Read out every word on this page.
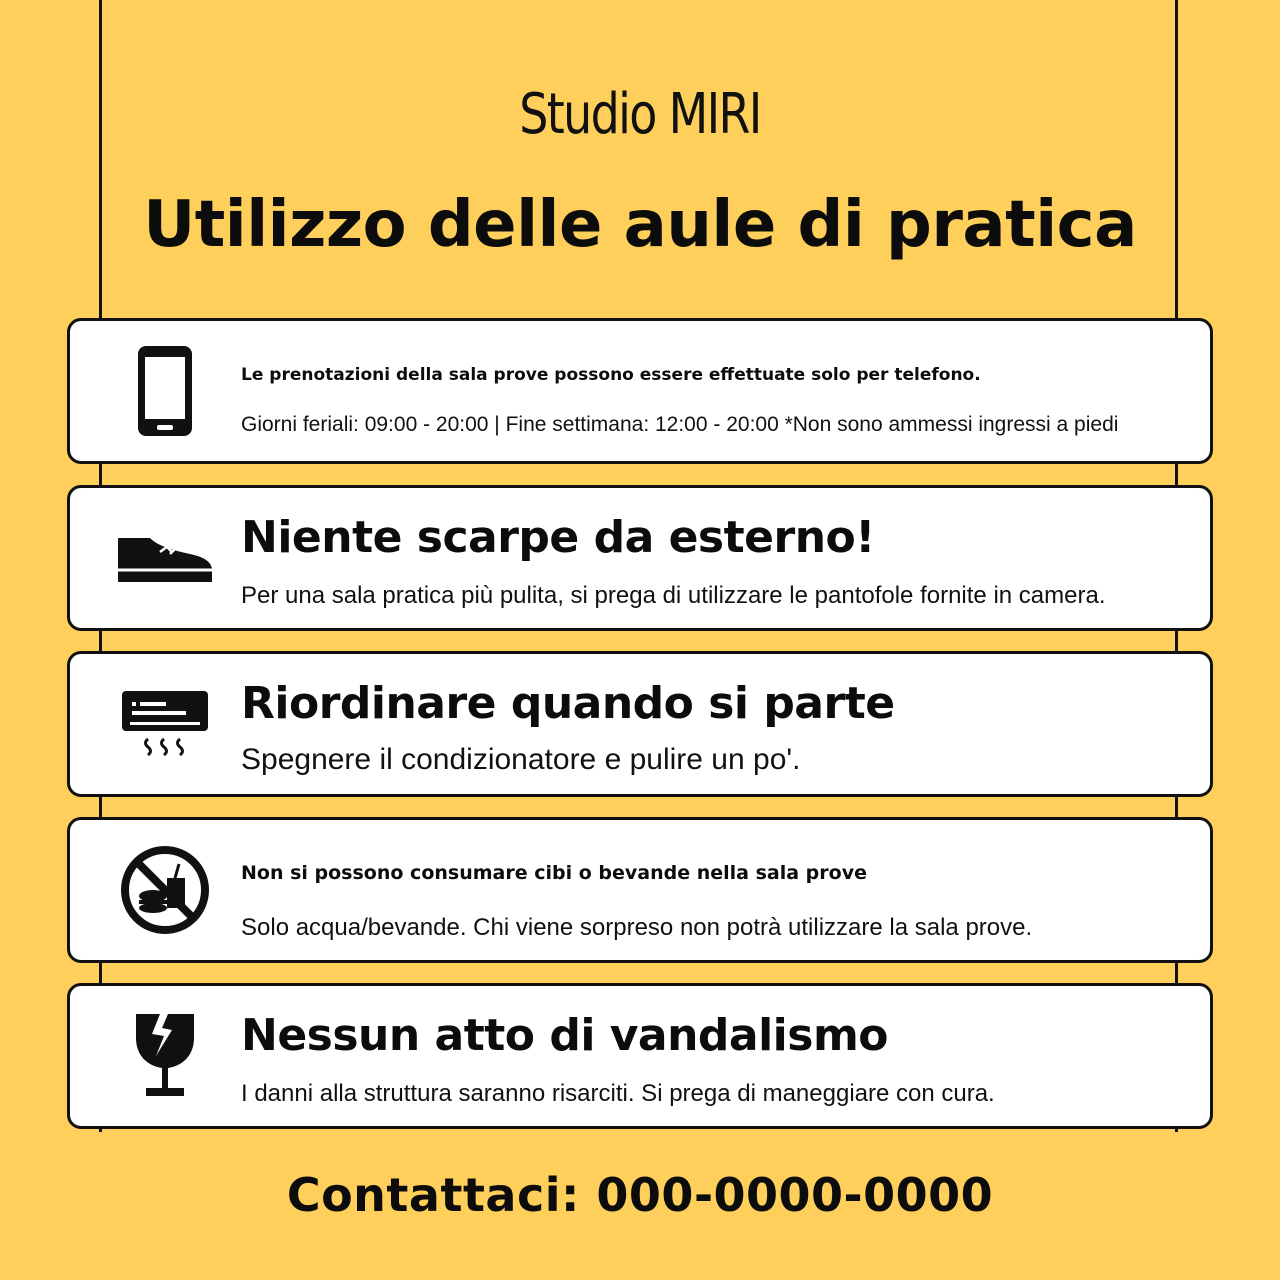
Studio MIRI
Utilizzo delle aule di pratica
Le prenotazioni della sala prove possono essere effettuate solo per telefono.
Giorni feriali: 09:00 - 20:00 | Fine settimana: 12:00 - 20:00 *Non sono ammessi ingressi a piedi
Niente scarpe da esterno!
Per una sala pratica più pulita, si prega di utilizzare le pantofole fornite in camera.
Riordinare quando si parte
Spegnere il condizionatore e pulire un po'.
Non si possono consumare cibi o bevande nella sala prove
Solo acqua/bevande. Chi viene sorpreso non potrà utilizzare la sala prove.
Nessun atto di vandalismo
I danni alla struttura saranno risarciti. Si prega di maneggiare con cura.
Contattaci: 000-0000-0000
